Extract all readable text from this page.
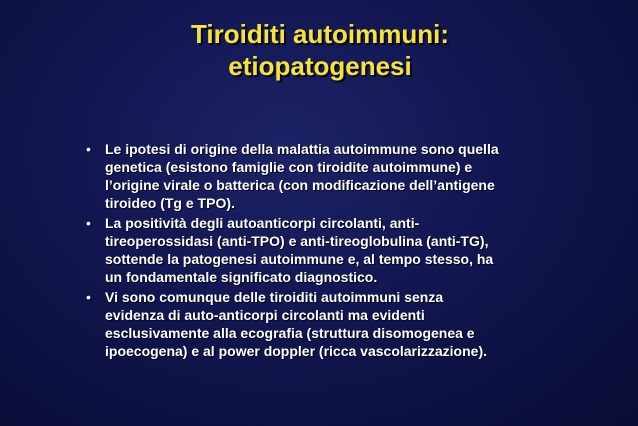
Tiroiditi autoimmuni:
etiopatogenesi
• Le ipotesi di origine della malattia autoimmune sono quella
genetica (esistono famiglie con tiroidite autoimmune) e
l’origine virale o batterica (con modificazione dell’antigene
tiroideo (Tg e TPO).
• La positività degli autoanticorpi circolanti, anti-
tireoperossidasi (anti-TPO) e anti-tireoglobulina (anti-TG),
sottende la patogenesi autoimmune e, al tempo stesso, ha
un fondamentale significato diagnostico.
• Vi sono comunque delle tiroiditi autoimmuni senza
evidenza di auto-anticorpi circolanti ma evidenti
esclusivamente alla ecografia (struttura disomogenea e
ipoecogena) e al power doppler (ricca vascolarizzazione).
